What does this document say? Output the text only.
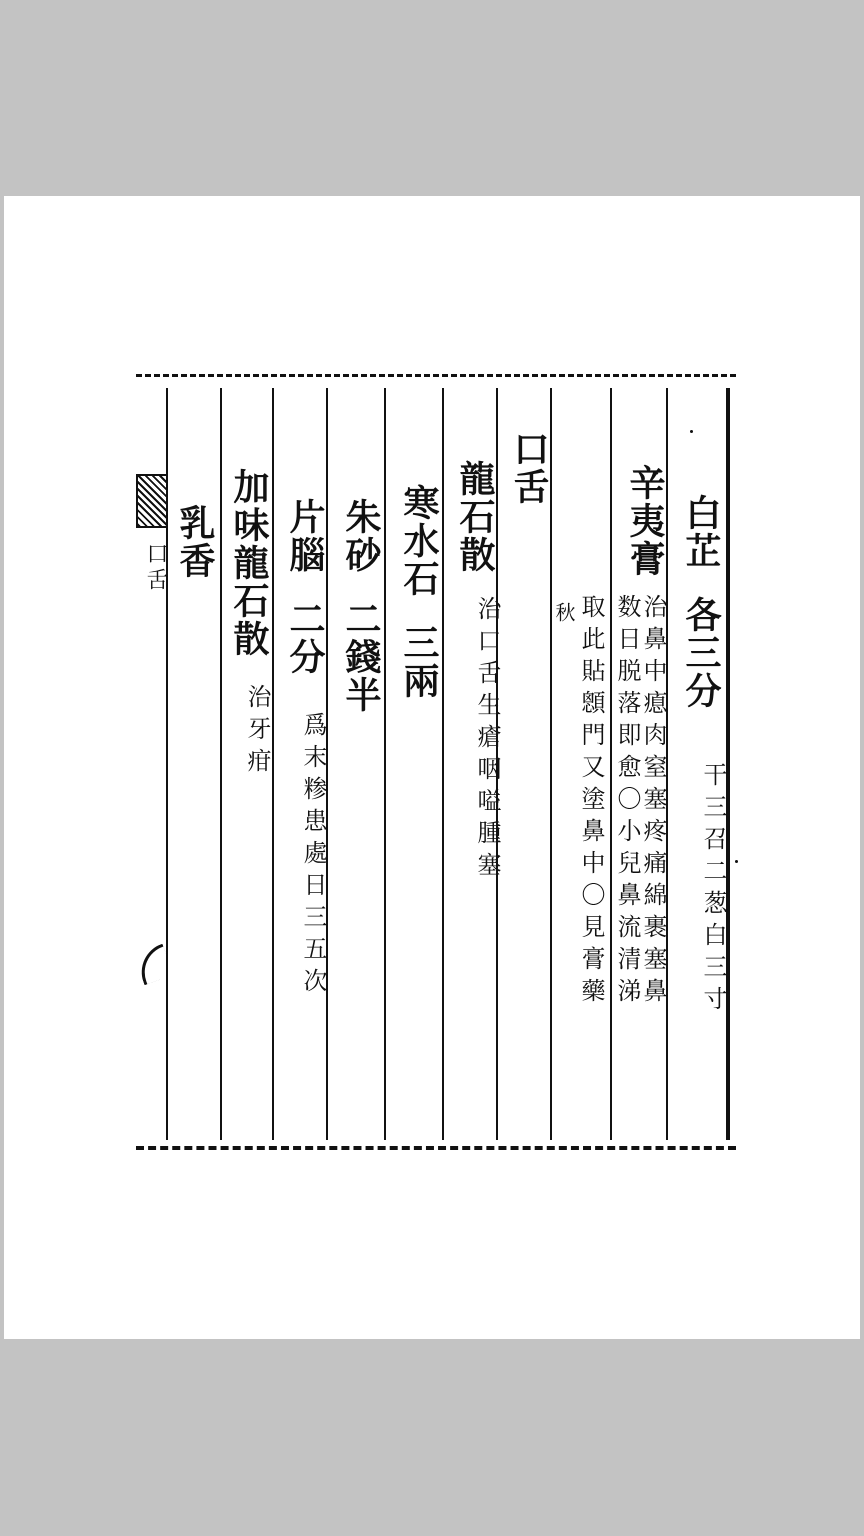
口舌	白芷各三分
干三召二葱白三寸
辛夷膏
治鼻中瘜肉窒塞疼痛綿裹塞鼻
数日脱落即愈〇小兒鼻流清涕
取此貼顖門又塗鼻中〇見膏藥
秋
口舌
龍石散
治口舌生瘡咽嗌腫塞
寒水石三兩
朱砂二錢半
片腦二分
爲末糁患處日三五次
加味龍石散
治牙疳
乳香
